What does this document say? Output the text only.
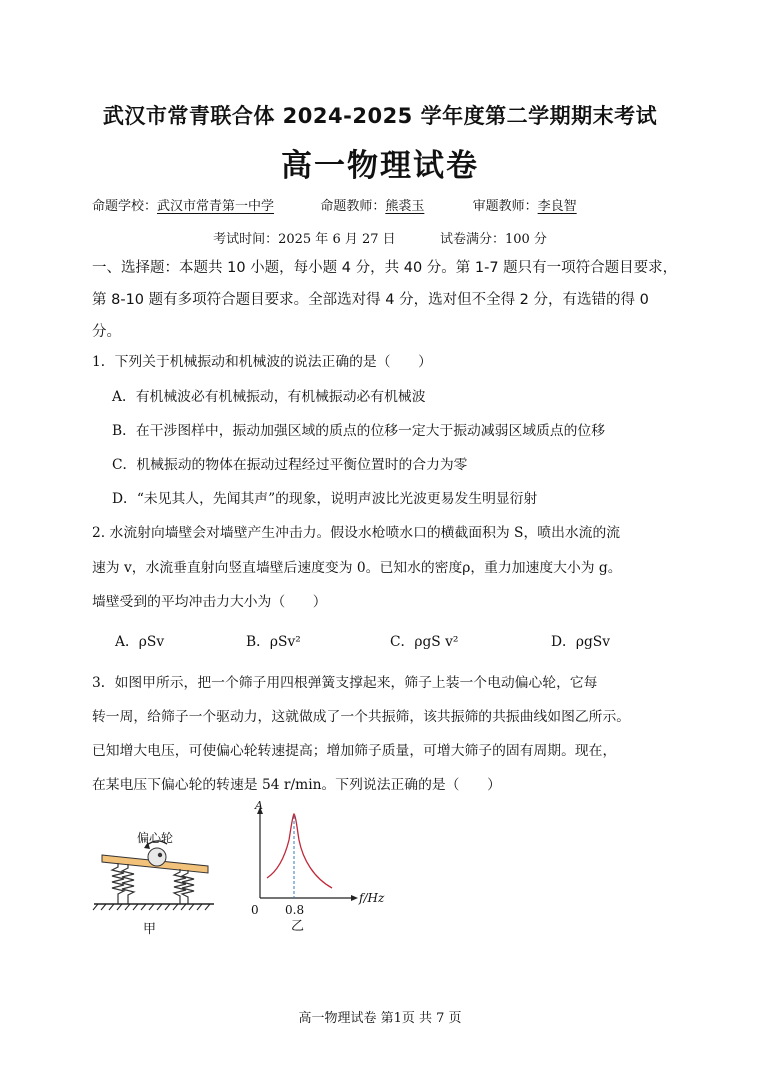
武汉市常青联合体 2024-2025 学年度第二学期期末考试
高一物理试卷
命题学校：武汉市常青第一中学	命题教师：熊裘玉	审题教师：李良智
考试时间：2025 年 6 月 27 日	试卷满分：100 分
一、选择题：本题共 10 小题，每小题 4 分，共 40 分。第 1-7 题只有一项符合题目要求，
第 8-10 题有多项符合题目要求。全部选对得 4 分，选对但不全得 2 分，有选错的得 0
分。
1．下列关于机械振动和机械波的说法正确的是（　　）
A．有机械波必有机械振动，有机械振动必有机械波
B．在干涉图样中，振动加强区域的质点的位移一定大于振动减弱区域质点的位移
C．机械振动的物体在振动过程经过平衡位置时的合力为零
D．“未见其人，先闻其声”的现象，说明声波比光波更易发生明显衍射
2. 水流射向墙壁会对墙壁产生冲击力。假设水枪喷水口的横截面积为 S，喷出水流的流
速为 v，水流垂直射向竖直墙壁后速度变为 0。已知水的密度ρ，重力加速度大小为 g。
墙壁受到的平均冲击力大小为（　　）
A．ρSv	B．ρSv²	C．ρgS v²	D．ρgSv
3．如图甲所示，把一个筛子用四根弹簧支撑起来，筛子上装一个电动偏心轮，它每
转一周，给筛子一个驱动力，这就做成了一个共振筛，该共振筛的共振曲线如图乙所示。
已知增大电压，可使偏心轮转速提高；增加筛子质量，可增大筛子的固有周期。现在，
在某电压下偏心轮的转速是 54 r/min。下列说法正确的是（　　）
偏心轮
甲
A
f/Hz
0 0.8
乙
高一物理试卷 第1页 共 7 页
